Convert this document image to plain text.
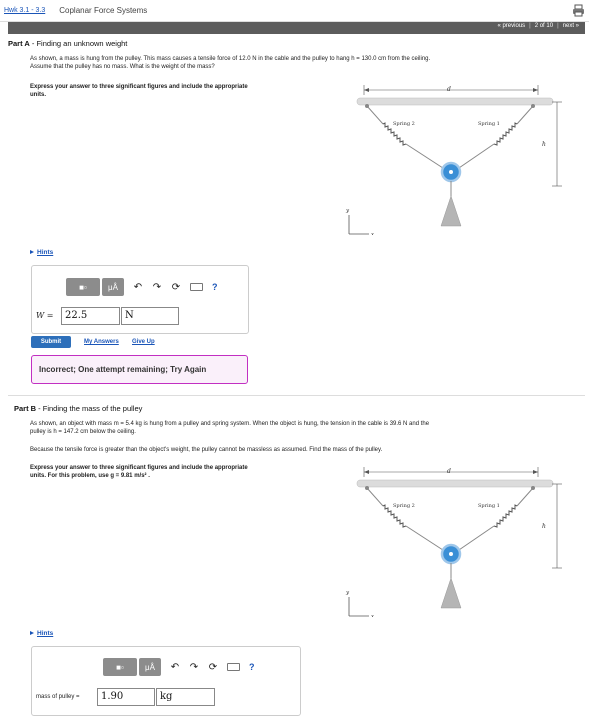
Hwk 3.1 - 3.3 Coplanar Force Systems
« previous | 2 of 10 | next »
Part A - Finding an unknown weight
As shown, a mass is hung from the pulley. This mass causes a tensile force of 12.0 N in the cable and the pulley to hang h = 130.0 cm from the ceiling.
Assume that the pulley has no mass. What is the weight of the mass?
Express your answer to three significant figures and include the appropriate
units.
d
Spring 2	Spring 1
h
y
x
Hints
■▫	μÅ ↶ ↷ ⟳	?
W =	22.5	N
Submit	My Answers Give Up
Incorrect; One attempt remaining; Try Again
Part B - Finding the mass of the pulley
As shown, an object with mass m = 5.4 kg is hung from a pulley and spring system. When the object is hung, the tension in the cable is 39.6 N and the
pulley is h = 147.2 cm below the ceiling.
Because the tensile force is greater than the object's weight, the pulley cannot be massless as assumed. Find the mass of the pulley.
Express your answer to three significant figures and include the appropriate
units. For this problem, use g = 9.81 m/s² .
d
Spring 2	Spring 1
h
y
x
Hints
■▫	μÅ ↶ ↷ ⟳	?
mass of pulley =	1.90	kg
